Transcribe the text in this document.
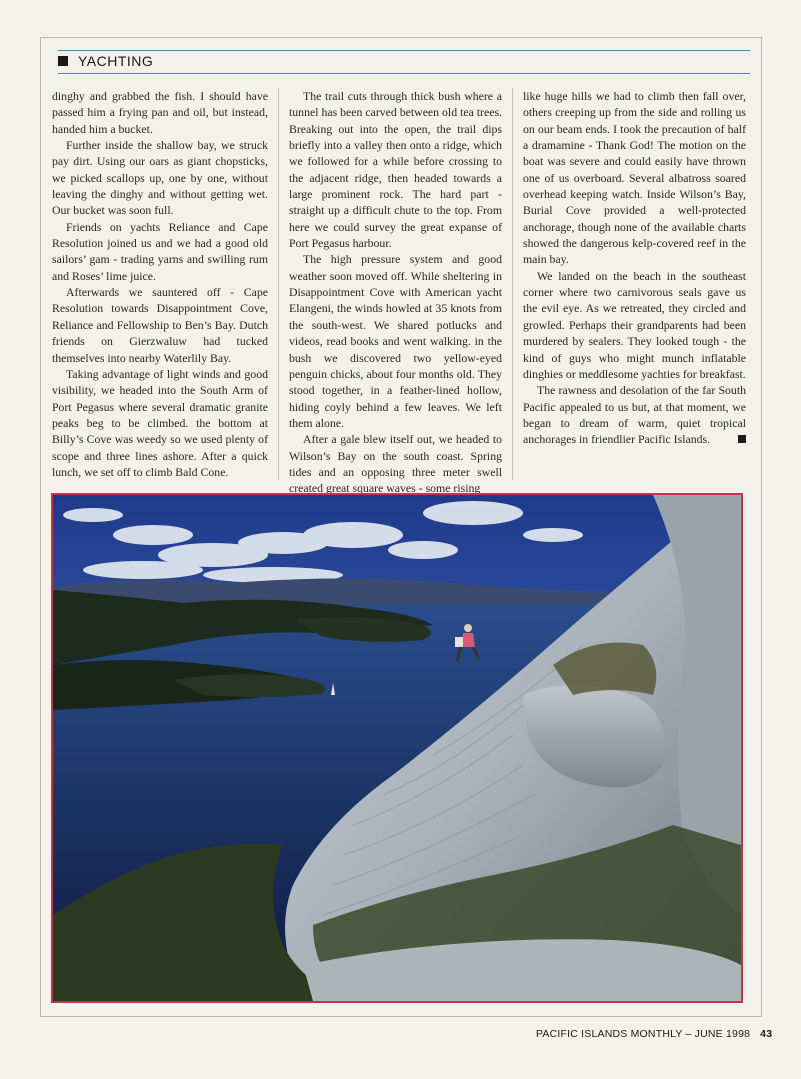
YACHTING

dinghy and grabbed the fish. I should have passed him a frying pan and oil, but instead, handed him a bucket.

Further inside the shallow bay, we struck pay dirt. Using our oars as giant chopsticks, we picked scallops up, one by one, without leaving the dinghy and without getting wet. Our bucket was soon full.

Friends on yachts Reliance and Cape Resolution joined us and we had a good old sailors’ gam - trading yarns and swilling rum and Roses’ lime juice.

Afterwards we sauntered off - Cape Resolution towards Disappointment Cove, Reliance and Fellowship to Ben’s Bay. Dutch friends on Gierzwaluw had tucked themselves into nearby Waterlily Bay.

Taking advantage of light winds and good visibility, we headed into the South Arm of Port Pegasus where several dramatic granite peaks beg to be climbed. the bottom at Billy’s Cove was weedy so we used plenty of scope and three lines ashore. After a quick lunch, we set off to climb Bald Cone.

The trail cuts through thick bush where a tunnel has been carved between old tea trees. Breaking out into the open, the trail dips briefly into a valley then onto a ridge, which we followed for a while before crossing to the adjacent ridge, then headed towards a large prominent rock. The hard part - straight up a difficult chute to the top. From here we could survey the great expanse of Port Pegasus harbour.

The high pressure system and good weather soon moved off. While sheltering in Disappointment Cove with American yacht Elangeni, the winds howled at 35 knots from the south-west. We shared potlucks and videos, read books and went walking. in the bush we discovered two yellow-eyed penguin chicks, about four months old. They stood together, in a feather-lined hollow, hiding coyly behind a few leaves. We left them alone.

After a gale blew itself out, we headed to Wilson’s Bay on the south coast. Spring tides and an opposing three meter swell created great square waves - some rising

like huge hills we had to climb then fall over, others creeping up from the side and rolling us on our beam ends. I took the precaution of half a dramamine - Thank God! The motion on the boat was severe and could easily have thrown one of us overboard. Several albatross soared overhead keeping watch. Inside Wilson’s Bay, Burial Cove provided a well-protected anchorage, though none of the available charts showed the dangerous kelp-covered reef in the main bay.

We landed on the beach in the southeast corner where two carnivorous seals gave us the evil eye. As we retreated, they circled and growled. Perhaps their grandparents had been murdered by sealers. They looked tough - the kind of guys who might munch inflatable dinghies or meddlesome yachties for breakfast.

The rawness and desolation of the far South Pacific appealed to us but, at that moment, we began to dream of warm, quiet tropical anchorages in friendlier Pacific Islands.

PACIFIC ISLANDS MONTHLY – JUNE 1998 43
